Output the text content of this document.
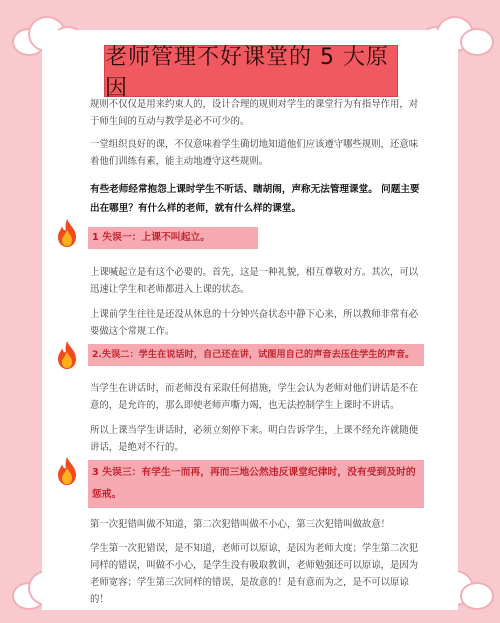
老师管理不好课堂的 5 大原因
规则不仅仅是用来约束人的，设计合理的规则对学生的课堂行为有指导作用，对于师生间的互动与教学是必不可少的。
一堂组织良好的课，不仅意味着学生确切地知道他们应该遵守哪些规则，还意味着他们训练有素，能主动地遵守这些规则。
有些老师经常抱怨上课时学生不听话、瞎胡闹，声称无法管理课堂。 问题主要出在哪里？有什么样的老师，就有什么样的课堂。
1 失误一：上课不叫起立。
上课喊起立是有这个必要的。首先，这是一种礼貌，相互尊敬对方。其次，可以迅速让学生和老师都进入上课的状态。
上课前学生往往是还没从休息的十分钟兴奋状态中静下心来，所以教师非常有必要做这个常规工作。
2.失误二：学生在说话时，自己还在讲，试图用自己的声音去压住学生的声音。
当学生在讲话时，而老师没有采取任何措施，学生会认为老师对他们讲话是不在意的，是允许的，那么即使老师声嘶力竭，也无法控制学生上课时不讲话。
所以上课当学生讲话时，必须立刻停下来。明白告诉学生，上课不经允许就随便讲话，是绝对不行的。
3 失误三：有学生一而再，再而三地公然违反课堂纪律时，没有受到及时的惩戒。
第一次犯错叫做不知道，第二次犯错叫做不小心，第三次犯错叫做故意！
学生第一次犯错误，是不知道，老师可以原谅，是因为老师大度；学生第二次犯同样的错误，叫做不小心，是学生没有吸取教训，老师勉强还可以原谅，是因为老师宽容；学生第三次同样的错误，是故意的！是有意而为之，是不可以原谅的！
